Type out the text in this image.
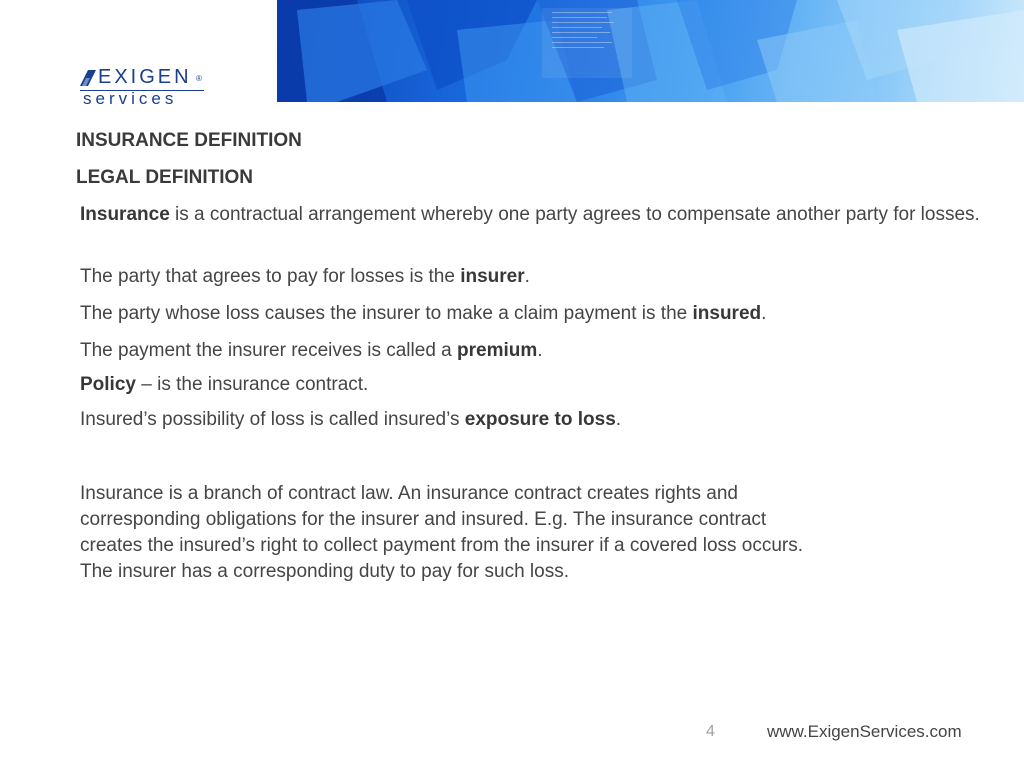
EXIGEN ®
services
INSURANCE DEFINITION
LEGAL DEFINITION

Insurance is a contractual arrangement whereby one party agrees to compensate another party for losses.

The party that agrees to pay for losses is the insurer.

The party whose loss causes the insurer to make a claim payment is the insured.

The payment the insurer receives is called a premium.

Policy – is the insurance contract.

Insured’s possibility of loss is called insured’s exposure to loss.

Insurance is a branch of contract law. An insurance contract creates rights and

corresponding obligations for the insurer and insured. E.g. The insurance contract

creates the insured’s right to collect payment from the insurer if a covered loss occurs.

The insurer has a corresponding duty to pay for such loss.

4	www.ExigenServices.com
